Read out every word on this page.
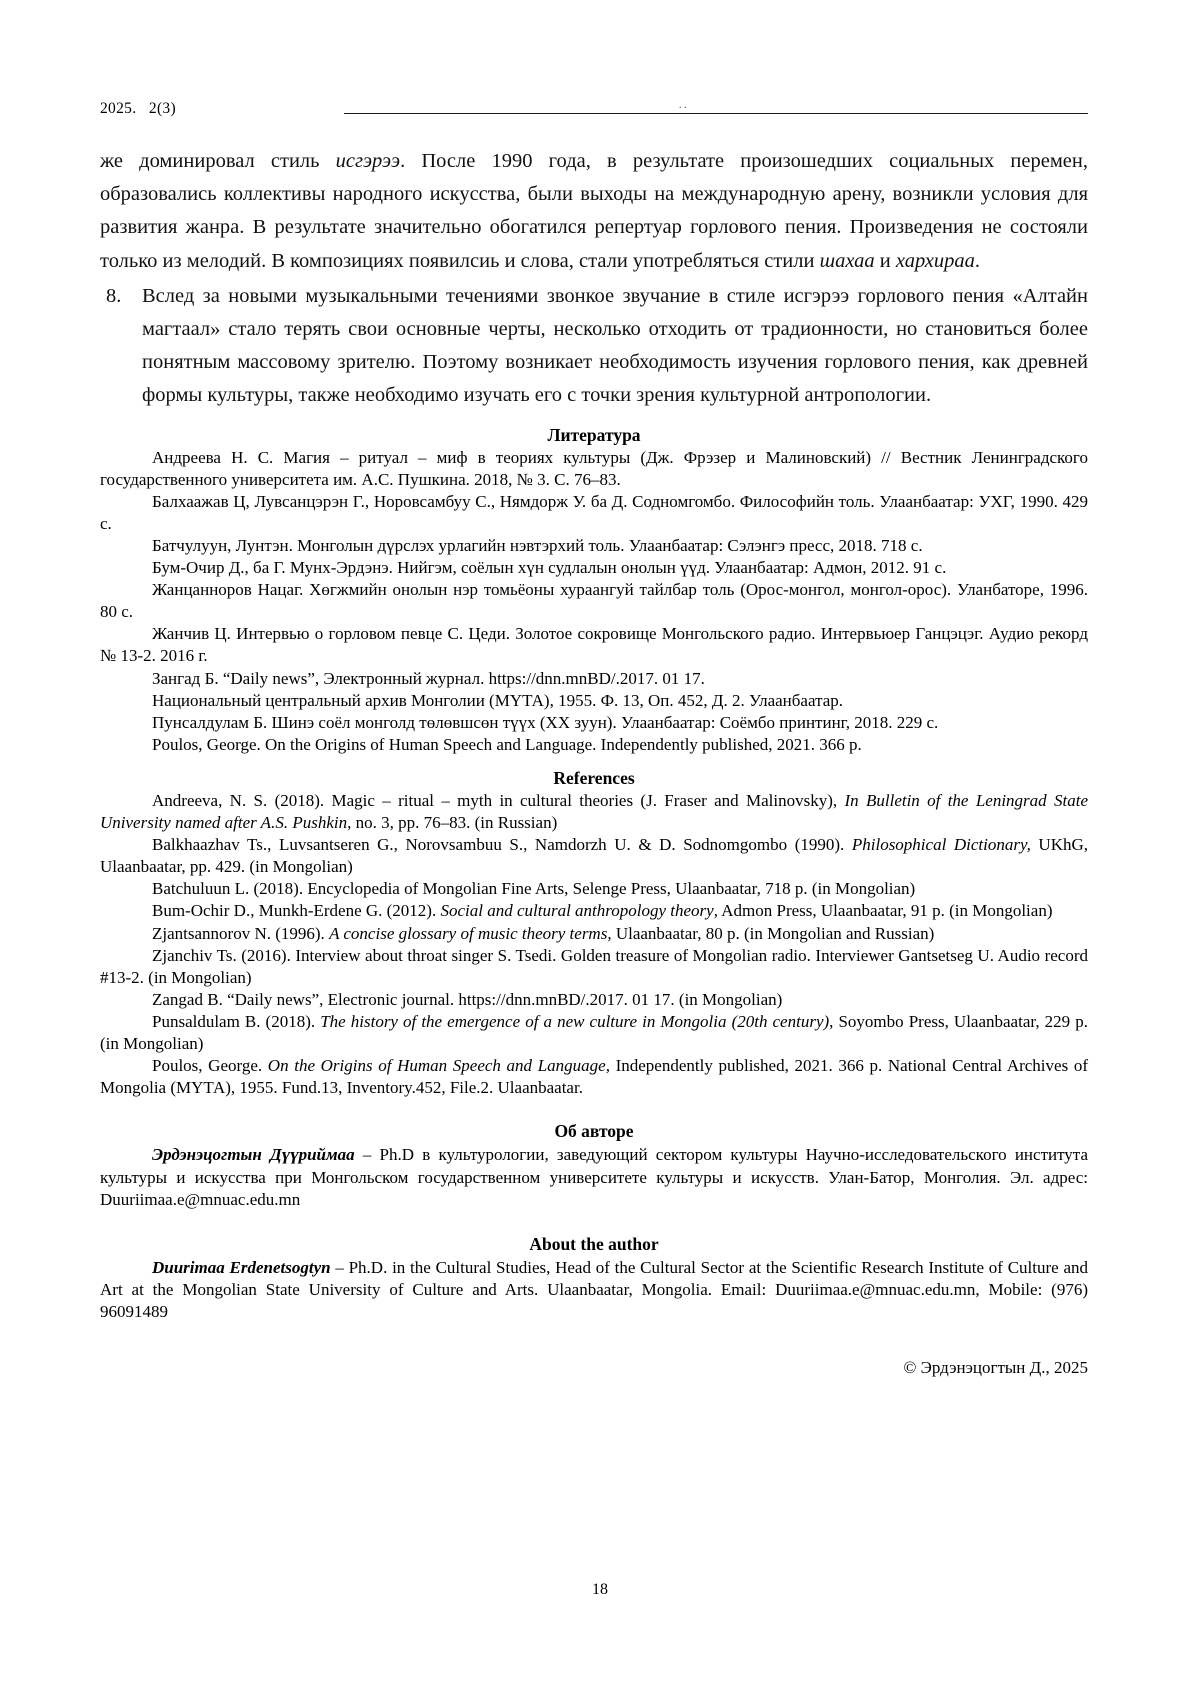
2025.   2(3)
..

же доминировал стиль исгэрээ. После 1990 года, в результате произошедших социальных перемен, образовались коллективы народного искусства, были выходы на международную арену, возникли условия для развития жанра. В результате значительно обогатился репертуар горлового пения. Произведения не состояли только из мелодий. В композициях появилсиь и слова, стали употребляться стили шахаа и хархираа.

8.	Вслед за новыми музыкальными течениями звонкое звучание в стиле исгэрээ горлового пения «Алтайн магтаал» стало терять свои основные черты, несколько отходить от традионности, но становиться более понятным массовому зрителю. Поэтому возникает необходимость изучения горлового пения, как древней формы культуры, также необходимо изучать его с точки зрения культурной антропологии.
Литература

Андреева Н. С. Магия – ритуал – миф в теориях культуры (Дж. Фрэзер и Малиновский) // Вестник Ленинградского государственного университета им. А.С. Пушкина. 2018, № 3. С. 76–83.

Балхаажав Ц, Лувсанцэрэн Г., Норовсамбуу С., Нямдорж У. ба Д. Содномгомбо. Философийн толь. Улаанбаатар: УХГ, 1990. 429 с.

Батчулуун, Лунтэн. Монголын дүрслэх урлагийн нэвтэрхий толь. Улаанбаатар: Сэлэнгэ пресс, 2018. 718 с.

Бум-Очир Д., ба Г. Мунх-Эрдэнэ. Нийгэм, соёлын хүн судлалын онолын үүд. Улаанбаатар: Адмон, 2012. 91 с.

Жанцанноров Нацаг. Хөгжмийн онолын нэр томьёоны хураангуй тайлбар толь (Орос-монгол, монгол-орос). Уланбаторе, 1996. 80 с.

Жанчив Ц. Интервью о горловом певце С. Цеди. Золотое сокровище Монгольского радио. Интервьюер Ганцэцэг. Аудио рекорд № 13-2. 2016 г.

Зангад Б. “Daily news”, Электронный журнал. https://dnn.mnBD/.2017. 01 17.

Национальный центральный архив Монголии (МҮТА), 1955. Ф. 13, Оп. 452, Д. 2. Улаанбаатар.

Пунсалдулам Б. Шинэ соёл монголд төлөвшсөн түүх (ХХ зуун). Улаанбаатар: Соёмбо принтинг, 2018. 229 с.

Poulos, George. On the Origins of Human Speech and Language. Independently published, 2021. 366 p.

References

Andreeva, N. S. (2018). Magic – ritual – myth in cultural theories (J. Fraser and Malinovsky), In Bulletin of the Leningrad State University named after A.S. Pushkin, no. 3, pp. 76–83. (in Russian)

Balkhaazhav Ts., Luvsantseren G., Norovsambuu S., Namdorzh U. & D. Sodnomgombo (1990). Philosophical Dictionary, UKhG, Ulaanbaatar, pp. 429. (in Mongolian)

Batchuluun L. (2018). Encyclopedia of Mongolian Fine Arts, Selenge Press, Ulaanbaatar, 718 p. (in Mongolian)

Bum-Ochir D., Munkh-Erdene G. (2012). Social and cultural anthropology theory, Admon Press, Ulaanbaatar, 91 p. (in Mongolian)

Zjantsannorov N. (1996). A concise glossary of music theory terms, Ulaanbaatar, 80 p. (in Mongolian and Russian)

Zjanchiv Ts. (2016). Interview about throat singer S. Tsedi. Golden treasure of Mongolian radio. Interviewer Gantsetseg U. Audio record #13-2. (in Mongolian)

Zangad B. “Daily news”, Electronic journal. https://dnn.mnBD/.2017. 01 17. (in Mongolian)

Punsaldulam B. (2018). The history of the emergence of a new culture in Mongolia (20th century), Soyombo Press, Ulaanbaatar, 229 p. (in Mongolian)

Poulos, George. On the Origins of Human Speech and Language, Independently published, 2021. 366 p. National Central Archives of Mongolia (МҮТА), 1955. Fund.13, Inventory.452, File.2. Ulaanbaatar.

Об авторе

Эрдэнэцогтын Дүүриймаа – Ph.D в культурологии, заведующий сектором культуры Научно-исследовательского института культуры и искусства при Монгольском государственном университете культуры и искусств. Улан-Батор, Монголия. Эл. адрес: Duuriimaa.e@mnuac.edu.mn

About the author

Duurimaa Erdenetsogtyn – Ph.D. in the Cultural Studies, Head of the Cultural Sector at the Scientific Research Institute of Culture and Art at the Mongolian State University of Culture and Arts. Ulaanbaatar, Mongolia. Email: Duuriimaa.e@mnuac.edu.mn, Mobile: (976) 96091489

© Эрдэнэцогтын Д., 2025
18
